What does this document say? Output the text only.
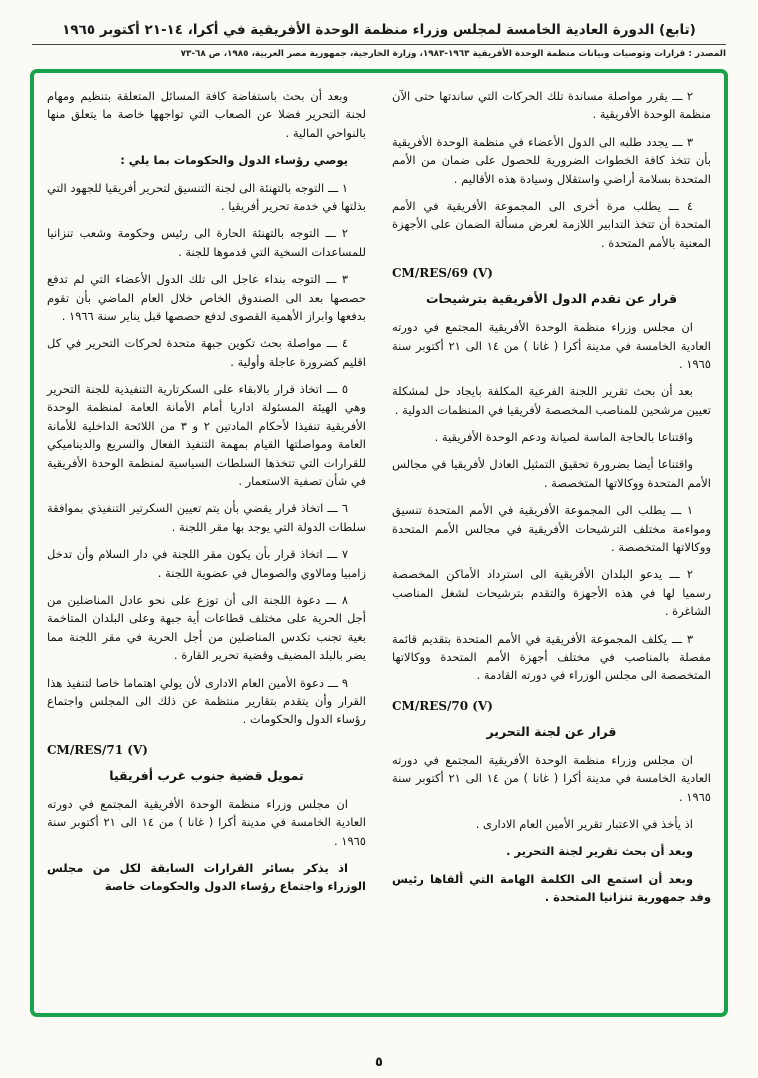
(تابع) الدورة العادية الخامسة لمجلس وزراء منظمة الوحدة الأفريقية في أكرا، ١٤-٢١ أكتوبر ١٩٦٥

المصدر : قرارات وتوصيات وبيانات منظمة الوحدة الأفريقية ١٩٦٣-١٩٨٣، وزارة الخارجية، جمهورية مصر العربية، ١٩٨٥، ص ٦٨-٧٣

٢ ـــ يقرر مواصلة مساندة تلك الحركات التي ساندتها حتى الآن منظمة الوحدة الأفريقية .

٣ ـــ يجدد طلبه الى الدول الأعضاء في منظمة الوحدة الأفريقية بأن تتخذ كافة الخطوات الضرورية للحصول على ضمان من الأمم المتحدة بسلامة أراضي واستقلال وسيادة هذه الأقاليم .

٤ ـــ يطلب مرة أخرى الى المجموعة الأفريقية في الأمم المتحدة أن تتخذ التدابير اللازمة لعرض مسألة الضمان على الأجهزة المعنية بالأمم المتحدة .

CM/RES/69 (V)
قرار عن تقدم الدول الأفريقية بترشيحات

ان مجلس وزراء منظمة الوحدة الأفريقية المجتمع في دورته العادية الخامسة في مدينة أكرا ( غانا ) من ١٤ الى ٢١ أكتوبر سنة ١٩٦٥ .

بعد أن بحث تقرير اللجنة الفرعية المكلفة بايجاد حل لمشكلة تعيين مرشحين للمناصب المخصصة لأفريقيا في المنظمات الدولية .

واقتناعا بالحاجة الماسة لصيانة ودعم الوحدة الأفريقية .

واقتناعا أيضا بضرورة تحقيق التمثيل العادل لأفريقيا في مجالس الأمم المتحدة ووكالاتها المتخصصة .

١ ـــ يطلب الى المجموعة الأفريقية في الأمم المتحدة تنسيق ومواءمة مختلف الترشيحات الأفريقية في مجالس الأمم المتحدة ووكالاتها المتخصصة .

٢ ـــ يدعو البلدان الأفريقية الى استرداد الأماكن المخصصة رسميا لها في هذه الأجهزة والتقدم بترشيحات لشغل المناصب الشاغرة .

٣ ـــ يكلف المجموعة الأفريقية في الأمم المتحدة بتقديم قائمة مفصلة بالمناصب في مختلف أجهزة الأمم المتحدة ووكالاتها المتخصصة الى مجلس الوزراء في دورته القادمة .

CM/RES/70 (V)
قرار عن لجنة التحرير

ان مجلس وزراء منظمة الوحدة الأفريقية المجتمع في دورته العادية الخامسة في مدينة أكرا ( غانا ) من ١٤ الى ٢١ أكتوبر سنة ١٩٦٥ .

اذ يأخذ في الاعتبار تقرير الأمين العام الادارى .

وبعد أن بحث تقرير لجنة التحرير .

وبعد أن استمع الى الكلمة الهامة التي ألقاها رئيس وفد جمهورية تنزانيا المتحدة .

وبعد أن بحث باستفاضة كافة المسائل المتعلقة بتنظيم ومهام لجنة التحرير فضلا عن الصعاب التي تواجهها خاصة ما يتعلق منها بالنواحي المالية .

يوصي رؤساء الدول والحكومات بما يلي :

١ ـــ التوجه بالتهنئة الى لجنة التنسيق لتحرير أفريقيا للجهود التي بذلتها في خدمة تحرير أفريقيا .

٢ ـــ التوجه بالتهنئة الحارة الى رئيس وحكومة وشعب تنزانيا للمساعدات السخية التي قدموها للجنة .

٣ ـــ التوجه بنداء عاجل الى تلك الدول الأعضاء التي لم تدفع حصصها بعد الى الصندوق الخاص خلال العام الماضي بأن تقوم بدفعها وابراز الأهمية القصوى لدفع حصصها قبل يناير سنة ١٩٦٦ .

٤ ـــ مواصلة بحث تكوين جبهة متحدة لحركات التحرير في كل اقليم كضرورة عاجلة وأولية .

٥ ـــ اتخاذ قرار بالابقاء على السكرتارية التنفيذية للجنة التحرير وهي الهيئة المسئولة اداريا أمام الأمانة العامة لمنظمة الوحدة الأفريقية تنفيذا لأحكام المادتين ٢ و ٣ من اللائحة الداخلية للأمانة العامة ومواصلتها القيام بمهمة التنفيذ الفعال والسريع والديناميكي للقرارات التي تتخذها السلطات السياسية لمنظمة الوحدة الأفريقية في شأن تصفية الاستعمار .

٦ ـــ اتخاذ قرار يقضي بأن يتم تعيين السكرتير التنفيذي بموافقة سلطات الدولة التي يوجد بها مقر اللجنة .

٧ ـــ اتخاذ قرار بأن يكون مقر اللجنة في دار السلام وأن تدخل زامبيا ومالاوي والصومال في عضوية اللجنة .

٨ ـــ دعوة اللجنة الى أن توزع على نحو عادل المناضلين من أجل الحرية على مختلف قطاعات أية جبهة وعلى البلدان المتاخمة بغية تجنب تكدس المناضلين من أجل الحرية في مقر اللجنة مما يضر بالبلد المضيف وقضية تحرير القارة .

٩ ـــ دعوة الأمين العام الادارى لأن يولي اهتماما خاصا لتنفيذ هذا القرار وأن يتقدم بتقارير منتظمة عن ذلك الى المجلس واجتماع رؤساء الدول والحكومات .

CM/RES/71 (V)
تمويل قضية جنوب غرب أفريقيا

ان مجلس وزراء منظمة الوحدة الأفريقية المجتمع في دورته العادية الخامسة في مدينة أكرا ( غانا ) من ١٤ الى ٢١ أكتوبر سنة ١٩٦٥ .

اذ يذكر بسائر القرارات السابقة لكل من مجلس الوزراء واجتماع رؤساء الدول والحكومات خاصة

٥
